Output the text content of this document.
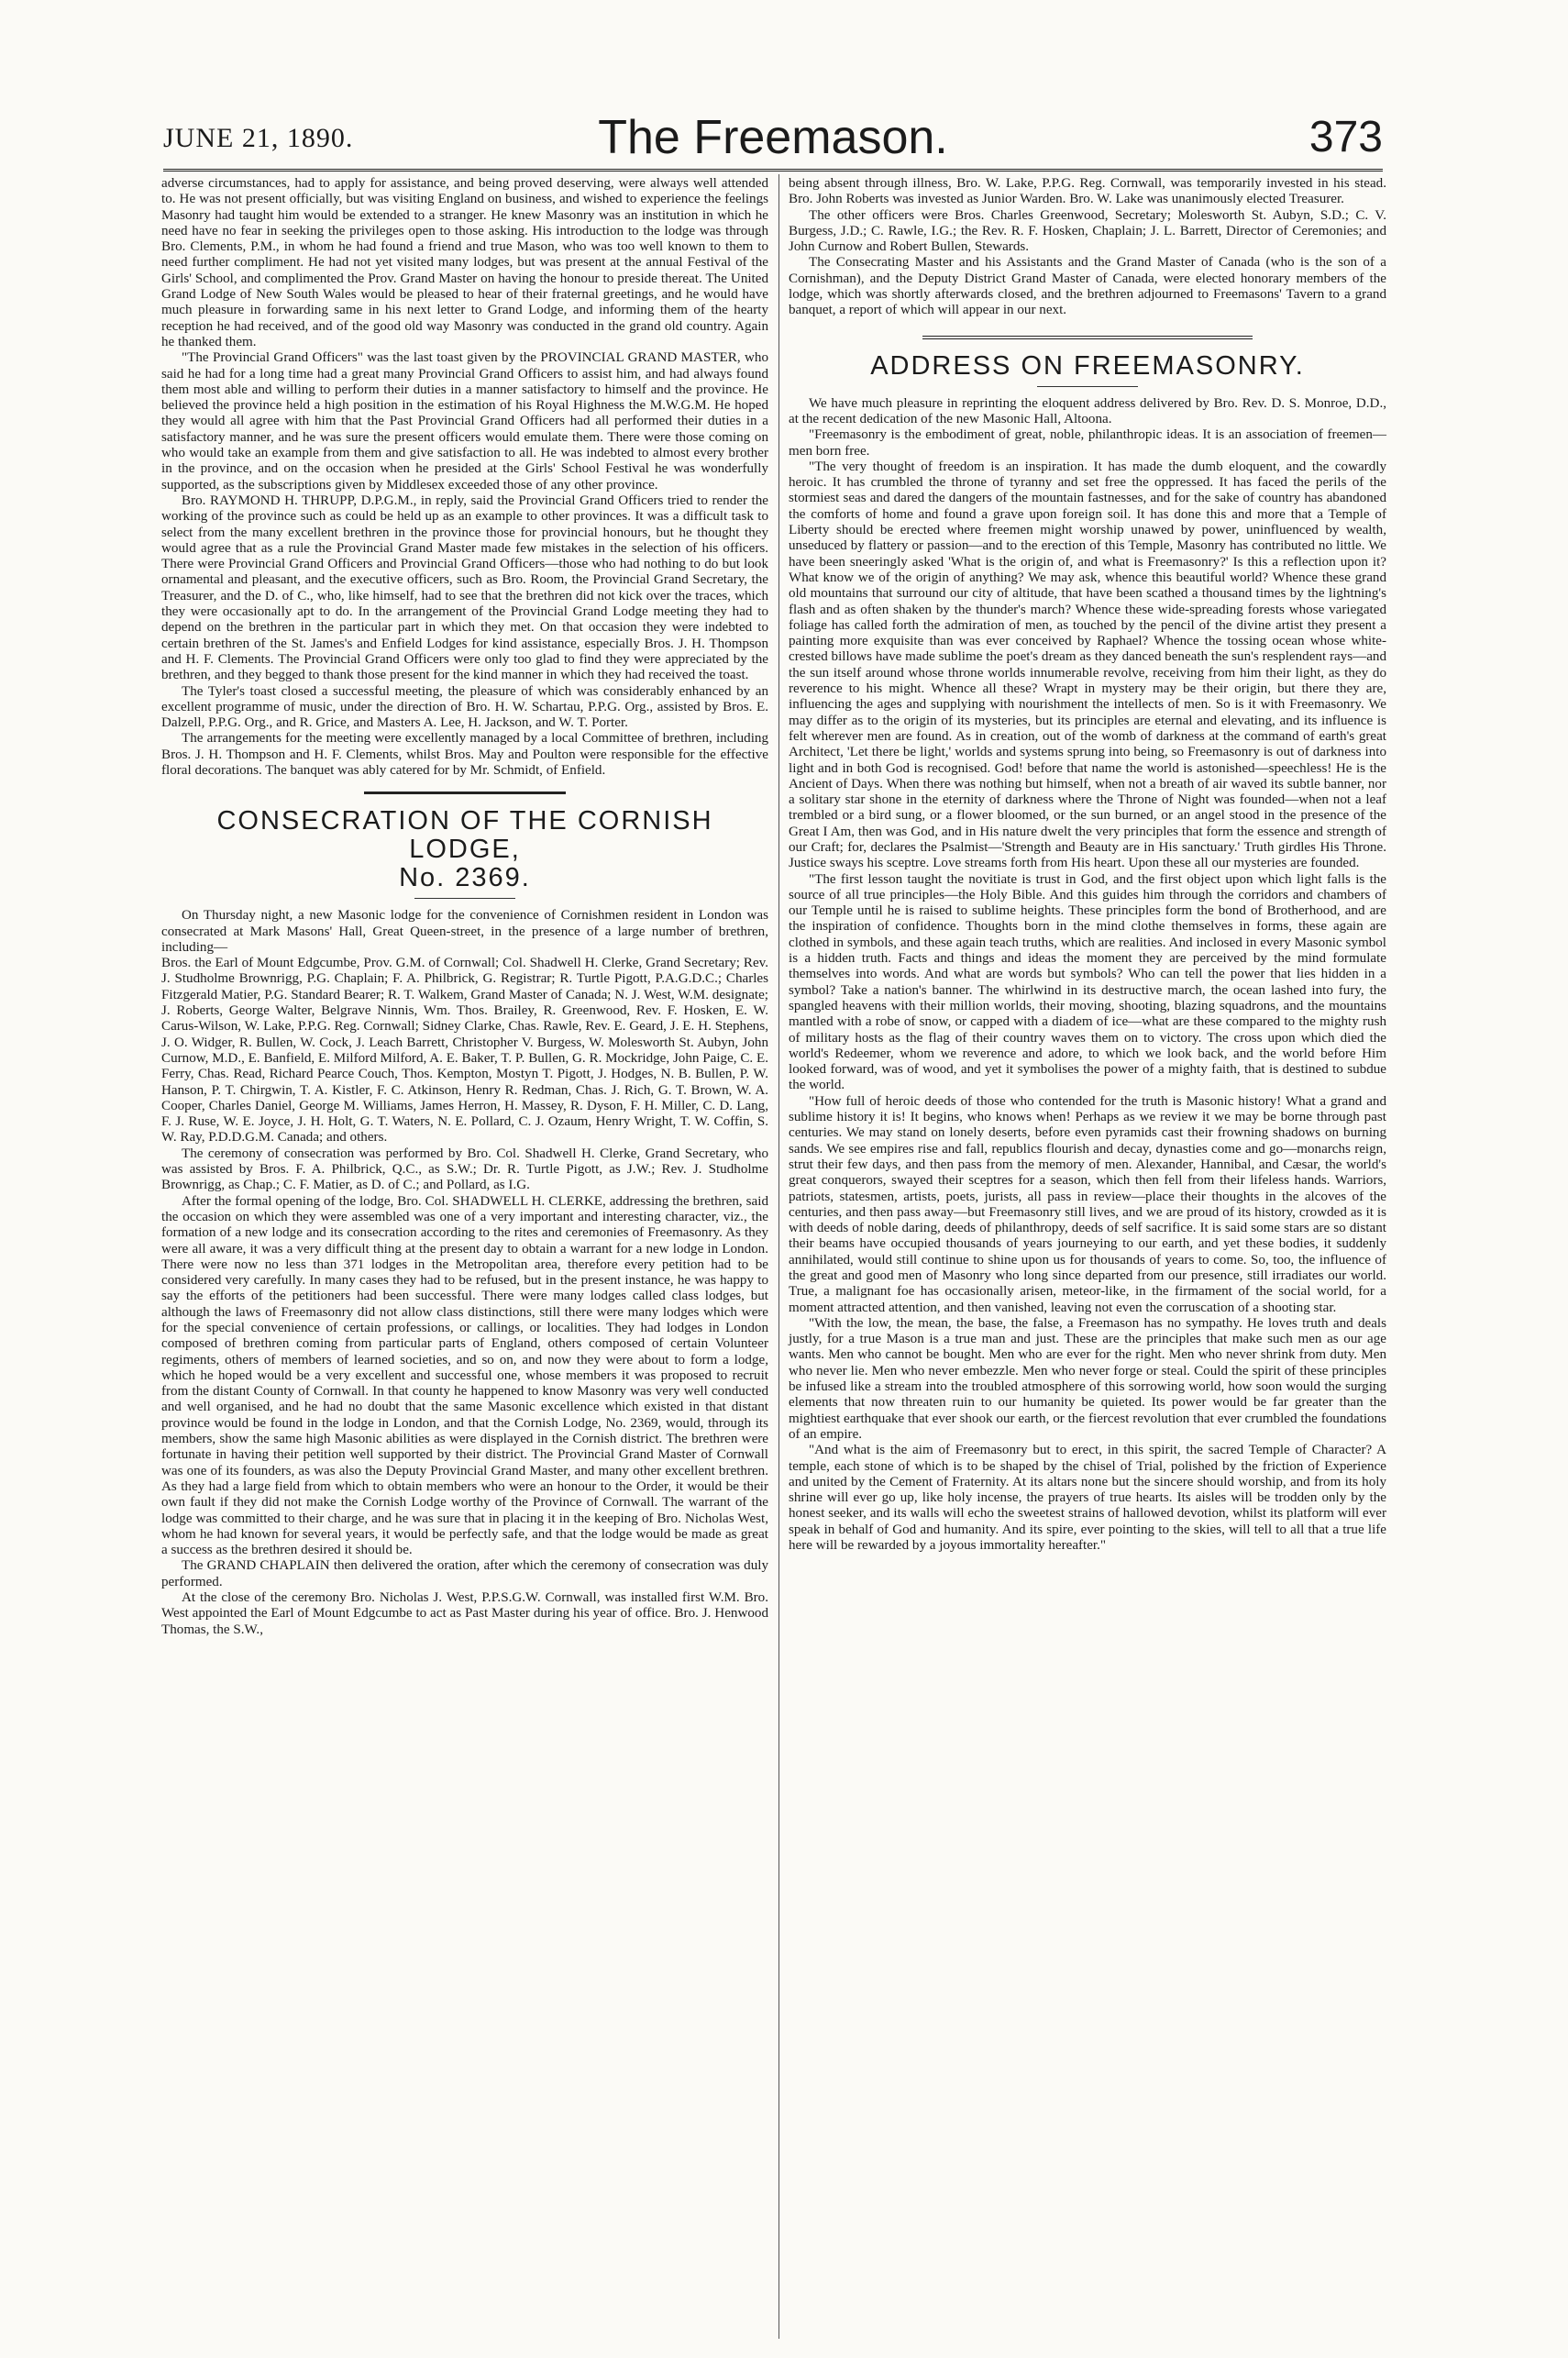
JUNE 21, 1890.	The Freemason.	373

adverse circumstances, had to apply for assistance, and being proved deserving, were always well attended to. He was not present officially, but was visiting England on business, and wished to experience the feelings Masonry had taught him would be extended to a stranger. He knew Masonry was an institution in which he need have no fear in seeking the privileges open to those asking. His introduction to the lodge was through Bro. Clements, P.M., in whom he had found a friend and true Mason, who was too well known to them to need further compliment. He had not yet visited many lodges, but was present at the annual Festival of the Girls' School, and complimented the Prov. Grand Master on having the honour to preside thereat. The United Grand Lodge of New South Wales would be pleased to hear of their fraternal greetings, and he would have much pleasure in forwarding same in his next letter to Grand Lodge, and informing them of the hearty reception he had received, and of the good old way Masonry was conducted in the grand old country. Again he thanked them.

"The Provincial Grand Officers" was the last toast given by the PROVINCIAL GRAND MASTER, who said he had for a long time had a great many Provincial Grand Officers to assist him, and had always found them most able and willing to perform their duties in a manner satisfactory to himself and the province. He believed the province held a high position in the estimation of his Royal Highness the M.W.G.M. He hoped they would all agree with him that the Past Provincial Grand Officers had all performed their duties in a satisfactory manner, and he was sure the present officers would emulate them. There were those coming on who would take an example from them and give satisfaction to all. He was indebted to almost every brother in the province, and on the occasion when he presided at the Girls' School Festival he was wonderfully supported, as the subscriptions given by Middlesex exceeded those of any other province.

Bro. RAYMOND H. THRUPP, D.P.G.M., in reply, said the Provincial Grand Officers tried to render the working of the province such as could be held up as an example to other provinces. It was a difficult task to select from the many excellent brethren in the province those for provincial honours, but he thought they would agree that as a rule the Provincial Grand Master made few mistakes in the selection of his officers. There were Provincial Grand Officers and Provincial Grand Officers—those who had nothing to do but look ornamental and pleasant, and the executive officers, such as Bro. Room, the Provincial Grand Secretary, the Treasurer, and the D. of C., who, like himself, had to see that the brethren did not kick over the traces, which they were occasionally apt to do. In the arrangement of the Provincial Grand Lodge meeting they had to depend on the brethren in the particular part in which they met. On that occasion they were indebted to certain brethren of the St. James's and Enfield Lodges for kind assistance, especially Bros. J. H. Thompson and H. F. Clements. The Provincial Grand Officers were only too glad to find they were appreciated by the brethren, and they begged to thank those present for the kind manner in which they had received the toast.

The Tyler's toast closed a successful meeting, the pleasure of which was considerably enhanced by an excellent programme of music, under the direction of Bro. H. W. Schartau, P.P.G. Org., assisted by Bros. E. Dalzell, P.P.G. Org., and R. Grice, and Masters A. Lee, H. Jackson, and W. T. Porter.

The arrangements for the meeting were excellently managed by a local Committee of brethren, including Bros. J. H. Thompson and H. F. Clements, whilst Bros. May and Poulton were responsible for the effective floral decorations. The banquet was ably catered for by Mr. Schmidt, of Enfield.

CONSECRATION OF THE CORNISH LODGE,
No. 2369.

On Thursday night, a new Masonic lodge for the convenience of Cornishmen resident in London was consecrated at Mark Masons' Hall, Great Queen-street, in the presence of a large number of brethren, including—

Bros. the Earl of Mount Edgcumbe, Prov. G.M. of Cornwall; Col. Shadwell H. Clerke, Grand Secretary; Rev. J. Studholme Brownrigg, P.G. Chaplain; F. A. Philbrick, G. Registrar; R. Turtle Pigott, P.A.G.D.C.; Charles Fitzgerald Matier, P.G. Standard Bearer; R. T. Walkem, Grand Master of Canada; N. J. West, W.M. designate; J. Roberts, George Walter, Belgrave Ninnis, Wm. Thos. Brailey, R. Greenwood, Rev. F. Hosken, E. W. Carus-Wilson, W. Lake, P.P.G. Reg. Cornwall; Sidney Clarke, Chas. Rawle, Rev. E. Geard, J. E. H. Stephens, J. O. Widger, R. Bullen, W. Cock, J. Leach Barrett, Christopher V. Burgess, W. Molesworth St. Aubyn, John Curnow, M.D., E. Banfield, E. Milford Milford, A. E. Baker, T. P. Bullen, G. R. Mockridge, John Paige, C. E. Ferry, Chas. Read, Richard Pearce Couch, Thos. Kempton, Mostyn T. Pigott, J. Hodges, N. B. Bullen, P. W. Hanson, P. T. Chirgwin, T. A. Kistler, F. C. Atkinson, Henry R. Redman, Chas. J. Rich, G. T. Brown, W. A. Cooper, Charles Daniel, George M. Williams, James Herron, H. Massey, R. Dyson, F. H. Miller, C. D. Lang, F. J. Ruse, W. E. Joyce, J. H. Holt, G. T. Waters, N. E. Pollard, C. J. Ozaum, Henry Wright, T. W. Coffin, S. W. Ray, P.D.D.G.M. Canada; and others.

The ceremony of consecration was performed by Bro. Col. Shadwell H. Clerke, Grand Secretary, who was assisted by Bros. F. A. Philbrick, Q.C., as S.W.; Dr. R. Turtle Pigott, as J.W.; Rev. J. Studholme Brownrigg, as Chap.; C. F. Matier, as D. of C.; and Pollard, as I.G.

After the formal opening of the lodge, Bro. Col. SHADWELL H. CLERKE, addressing the brethren, said the occasion on which they were assembled was one of a very important and interesting character, viz., the formation of a new lodge and its consecration according to the rites and ceremonies of Freemasonry. As they were all aware, it was a very difficult thing at the present day to obtain a warrant for a new lodge in London. There were now no less than 371 lodges in the Metropolitan area, therefore every petition had to be considered very carefully. In many cases they had to be refused, but in the present instance, he was happy to say the efforts of the petitioners had been successful. There were many lodges called class lodges, but although the laws of Freemasonry did not allow class distinctions, still there were many lodges which were for the special convenience of certain professions, or callings, or localities. They had lodges in London composed of brethren coming from particular parts of England, others composed of certain Volunteer regiments, others of members of learned societies, and so on, and now they were about to form a lodge, which he hoped would be a very excellent and successful one, whose members it was proposed to recruit from the distant County of Cornwall. In that county he happened to know Masonry was very well conducted and well organised, and he had no doubt that the same Masonic excellence which existed in that distant province would be found in the lodge in London, and that the Cornish Lodge, No. 2369, would, through its members, show the same high Masonic abilities as were displayed in the Cornish district. The brethren were fortunate in having their petition well supported by their district. The Provincial Grand Master of Cornwall was one of its founders, as was also the Deputy Provincial Grand Master, and many other excellent brethren. As they had a large field from which to obtain members who were an honour to the Order, it would be their own fault if they did not make the Cornish Lodge worthy of the Province of Cornwall. The warrant of the lodge was committed to their charge, and he was sure that in placing it in the keeping of Bro. Nicholas West, whom he had known for several years, it would be perfectly safe, and that the lodge would be made as great a success as the brethren desired it should be.

The GRAND CHAPLAIN then delivered the oration, after which the ceremony of consecration was duly performed.

At the close of the ceremony Bro. Nicholas J. West, P.P.S.G.W. Cornwall, was installed first W.M. Bro. West appointed the Earl of Mount Edgcumbe to act as Past Master during his year of office. Bro. J. Henwood Thomas, the S.W.,

being absent through illness, Bro. W. Lake, P.P.G. Reg. Cornwall, was temporarily invested in his stead. Bro. John Roberts was invested as Junior Warden. Bro. W. Lake was unanimously elected Treasurer.

The other officers were Bros. Charles Greenwood, Secretary; Molesworth St. Aubyn, S.D.; C. V. Burgess, J.D.; C. Rawle, I.G.; the Rev. R. F. Hosken, Chaplain; J. L. Barrett, Director of Ceremonies; and John Curnow and Robert Bullen, Stewards.

The Consecrating Master and his Assistants and the Grand Master of Canada (who is the son of a Cornishman), and the Deputy District Grand Master of Canada, were elected honorary members of the lodge, which was shortly afterwards closed, and the brethren adjourned to Freemasons' Tavern to a grand banquet, a report of which will appear in our next.

ADDRESS ON FREEMASONRY.

We have much pleasure in reprinting the eloquent address delivered by Bro. Rev. D. S. Monroe, D.D., at the recent dedication of the new Masonic Hall, Altoona.

"Freemasonry is the embodiment of great, noble, philanthropic ideas. It is an association of freemen—men born free.

"The very thought of freedom is an inspiration. It has made the dumb eloquent, and the cowardly heroic. It has crumbled the throne of tyranny and set free the oppressed. It has faced the perils of the stormiest seas and dared the dangers of the mountain fastnesses, and for the sake of country has abandoned the comforts of home and found a grave upon foreign soil. It has done this and more that a Temple of Liberty should be erected where freemen might worship unawed by power, uninfluenced by wealth, unseduced by flattery or passion—and to the erection of this Temple, Masonry has contributed no little. We have been sneeringly asked 'What is the origin of, and what is Freemasonry?' Is this a reflection upon it? What know we of the origin of anything? We may ask, whence this beautiful world? Whence these grand old mountains that surround our city of altitude, that have been scathed a thousand times by the lightning's flash and as often shaken by the thunder's march? Whence these wide-spreading forests whose variegated foliage has called forth the admiration of men, as touched by the pencil of the divine artist they present a painting more exquisite than was ever conceived by Raphael? Whence the tossing ocean whose white-crested billows have made sublime the poet's dream as they danced beneath the sun's resplendent rays—and the sun itself around whose throne worlds innumerable revolve, receiving from him their light, as they do reverence to his might. Whence all these? Wrapt in mystery may be their origin, but there they are, influencing the ages and supplying with nourishment the intellects of men. So is it with Freemasonry. We may differ as to the origin of its mysteries, but its principles are eternal and elevating, and its influence is felt wherever men are found. As in creation, out of the womb of darkness at the command of earth's great Architect, 'Let there be light,' worlds and systems sprung into being, so Freemasonry is out of darkness into light and in both God is recognised. God! before that name the world is astonished—speechless! He is the Ancient of Days. When there was nothing but himself, when not a breath of air waved its subtle banner, nor a solitary star shone in the eternity of darkness where the Throne of Night was founded—when not a leaf trembled or a bird sung, or a flower bloomed, or the sun burned, or an angel stood in the presence of the Great I Am, then was God, and in His nature dwelt the very principles that form the essence and strength of our Craft; for, declares the Psalmist—'Strength and Beauty are in His sanctuary.' Truth girdles His Throne. Justice sways his sceptre. Love streams forth from His heart. Upon these all our mysteries are founded.

"The first lesson taught the novitiate is trust in God, and the first object upon which light falls is the source of all true principles—the Holy Bible. And this guides him through the corridors and chambers of our Temple until he is raised to sublime heights. These principles form the bond of Brotherhood, and are the inspiration of confidence. Thoughts born in the mind clothe themselves in forms, these again are clothed in symbols, and these again teach truths, which are realities. And inclosed in every Masonic symbol is a hidden truth. Facts and things and ideas the moment they are perceived by the mind formulate themselves into words. And what are words but symbols? Who can tell the power that lies hidden in a symbol? Take a nation's banner. The whirlwind in its destructive march, the ocean lashed into fury, the spangled heavens with their million worlds, their moving, shooting, blazing squadrons, and the mountains mantled with a robe of snow, or capped with a diadem of ice—what are these compared to the mighty rush of military hosts as the flag of their country waves them on to victory. The cross upon which died the world's Redeemer, whom we reverence and adore, to which we look back, and the world before Him looked forward, was of wood, and yet it symbolises the power of a mighty faith, that is destined to subdue the world.

"How full of heroic deeds of those who contended for the truth is Masonic history! What a grand and sublime history it is! It begins, who knows when! Perhaps as we review it we may be borne through past centuries. We may stand on lonely deserts, before even pyramids cast their frowning shadows on burning sands. We see empires rise and fall, republics flourish and decay, dynasties come and go—monarchs reign, strut their few days, and then pass from the memory of men. Alexander, Hannibal, and Cæsar, the world's great conquerors, swayed their sceptres for a season, which then fell from their lifeless hands. Warriors, patriots, statesmen, artists, poets, jurists, all pass in review—place their thoughts in the alcoves of the centuries, and then pass away—but Freemasonry still lives, and we are proud of its history, crowded as it is with deeds of noble daring, deeds of philanthropy, deeds of self sacrifice. It is said some stars are so distant their beams have occupied thousands of years journeying to our earth, and yet these bodies, it suddenly annihilated, would still continue to shine upon us for thousands of years to come. So, too, the influence of the great and good men of Masonry who long since departed from our presence, still irradiates our world. True, a malignant foe has occasionally arisen, meteor-like, in the firmament of the social world, for a moment attracted attention, and then vanished, leaving not even the corruscation of a shooting star.

"With the low, the mean, the base, the false, a Freemason has no sympathy. He loves truth and deals justly, for a true Mason is a true man and just. These are the principles that make such men as our age wants. Men who cannot be bought. Men who are ever for the right. Men who never shrink from duty. Men who never lie. Men who never embezzle. Men who never forge or steal. Could the spirit of these principles be infused like a stream into the troubled atmosphere of this sorrowing world, how soon would the surging elements that now threaten ruin to our humanity be quieted. Its power would be far greater than the mightiest earthquake that ever shook our earth, or the fiercest revolution that ever crumbled the foundations of an empire.

"And what is the aim of Freemasonry but to erect, in this spirit, the sacred Temple of Character? A temple, each stone of which is to be shaped by the chisel of Trial, polished by the friction of Experience and united by the Cement of Fraternity. At its altars none but the sincere should worship, and from its holy shrine will ever go up, like holy incense, the prayers of true hearts. Its aisles will be trodden only by the honest seeker, and its walls will echo the sweetest strains of hallowed devotion, whilst its platform will ever speak in behalf of God and humanity. And its spire, ever pointing to the skies, will tell to all that a true life here will be rewarded by a joyous immortality hereafter."
